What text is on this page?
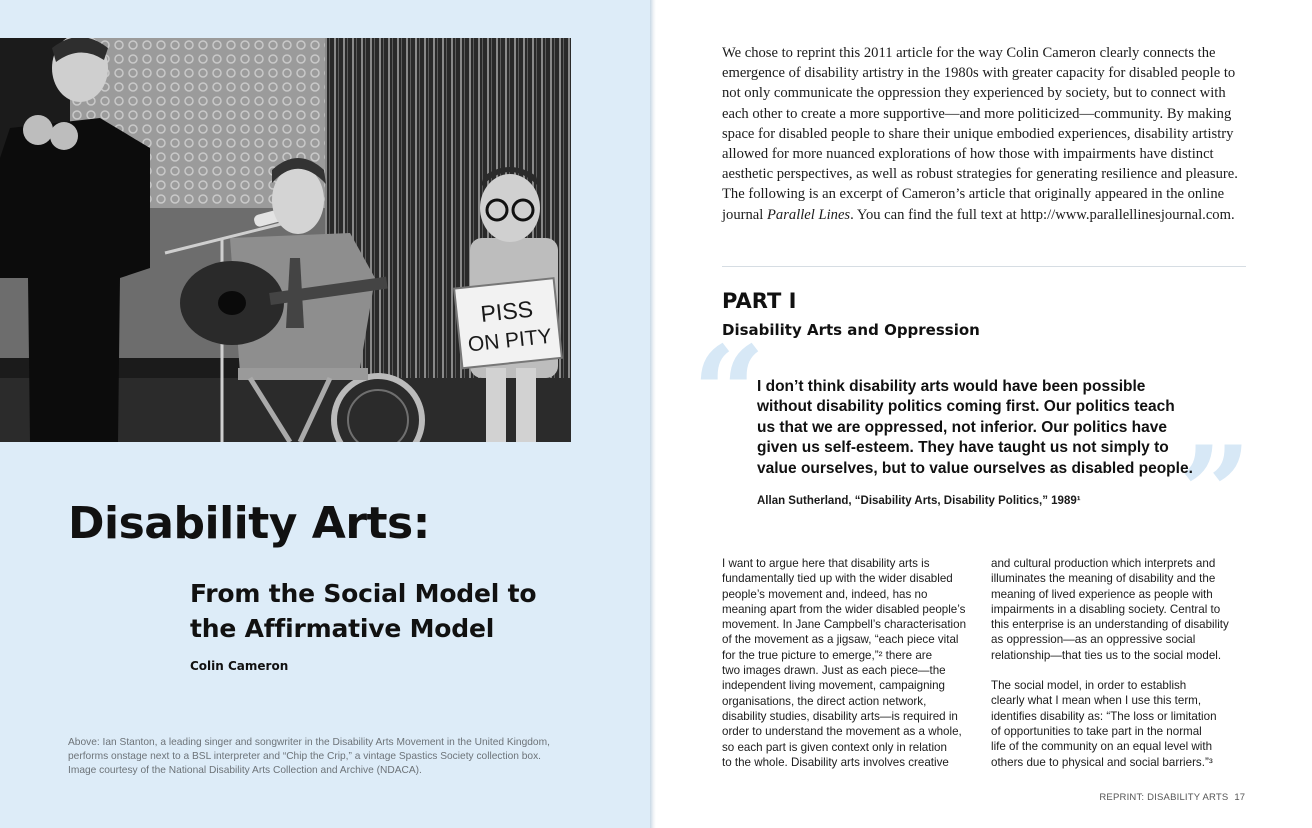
PISS
ON PITY
Disability Arts:
From the Social Model to
the Affirmative Model
Colin Cameron
Above: Ian Stanton, a leading singer and songwriter in the Disability Arts Movement in the United Kingdom,
performs onstage next to a BSL interpreter and “Chip the Crip,” a vintage Spastics Society collection box.
Image courtesy of the National Disability Arts Collection and Archive (NDACA).

We chose to reprint this 2011 article for the way Colin Cameron clearly connects the emergence of disability artistry in the 1980s with greater capacity for disabled people to not only communicate the oppression they experienced by society, but to connect with each other to create a more supportive—and more politicized—community. By making space for disabled people to share their unique embodied experiences, disability artistry allowed for more nuanced explorations of how those with impairments have distinct aesthetic perspectives, as well as robust strategies for generating resilience and pleasure. The following is an excerpt of Cameron’s article that originally appeared in the online journal Parallel Lines. You can find the full text at http://www.parallellinesjournal.com.

PART I
Disability Arts and Oppression
“
”
I don’t think disability arts would have been possible
without disability politics coming first. Our politics teach
us that we are oppressed, not inferior. Our politics have
given us self-esteem. They have taught us not simply to
value ourselves, but to value ourselves as disabled people.
Allan Sutherland, “Disability Arts, Disability Politics,” 1989¹

I want to argue here that disability arts is
fundamentally tied up with the wider disabled
people’s movement and, indeed, has no
meaning apart from the wider disabled people’s
movement. In Jane Campbell’s characterisation
of the movement as a jigsaw, “each piece vital
for the true picture to emerge,”² there are
two images drawn. Just as each piece—the
independent living movement, campaigning
organisations, the direct action network,
disability studies, disability arts—is required in
order to understand the movement as a whole,
so each part is given context only in relation
to the whole. Disability arts involves creative

and cultural production which interprets and
illuminates the meaning of disability and the
meaning of lived experience as people with
impairments in a disabling society. Central to
this enterprise is an understanding of disability
as oppression—as an oppressive social
relationship—that ties us to the social model.

The social model, in order to establish
clearly what I mean when I use this term,
identifies disability as: “The loss or limitation
of opportunities to take part in the normal
life of the community on an equal level with
others due to physical and social barriers.”³

REPRINT: DISABILITY ARTS 17
